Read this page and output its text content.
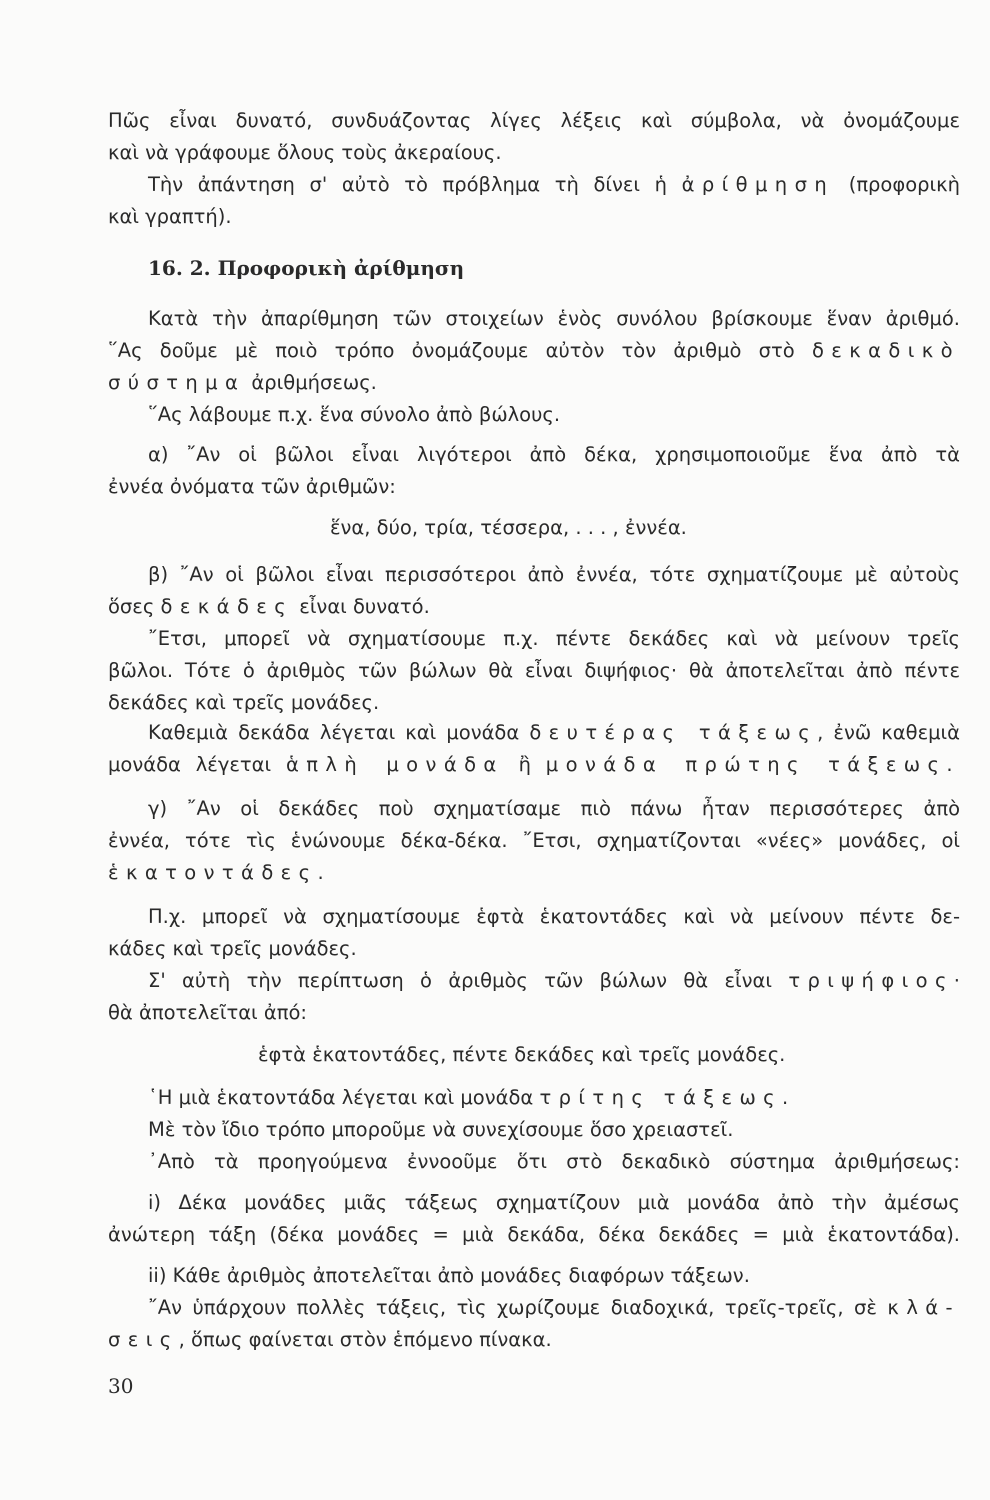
Πῶς εἶναι δυνατό, συνδυάζοντας λίγες λέξεις καὶ σύμβολα, νὰ ὀνομάζουμε

καὶ νὰ γράφουμε ὅλους τοὺς ἀκεραίους.

Τὴν ἀπάντηση σ' αὐτὸ τὸ πρόβλημα τὴ δίνει ἡ ἀρίθμηση (προφορικὴ

καὶ γραπτή).

16. 2. Προφορικὴ ἀρίθμηση

Κατὰ τὴν ἀπαρίθμηση τῶν στοιχείων ἑνὸς συνόλου βρίσκουμε ἕναν ἀριθμό.

῞Ας δοῦμε μὲ ποιὸ τρόπο ὀνομάζουμε αὐτὸν τὸν ἀριθμὸ στὸ δεκαδικὸ

σύστημα ἀριθμήσεως.

῞Ας λάβουμε π.χ. ἕνα σύνολο ἀπὸ βώλους.

α) ῎Αν οἱ βῶλοι εἶναι λιγότεροι ἀπὸ δέκα, χρησιμοποιοῦμε ἕνα ἀπὸ τὰ

ἐννέα ὀνόματα τῶν ἀριθμῶν:

ἕνα, δύο, τρία, τέσσερα, . . . , ἐννέα.

β) ῎Αν οἱ βῶλοι εἶναι περισσότεροι ἀπὸ ἐννέα, τότε σχηματίζουμε μὲ αὐτοὺς

ὅσες δεκάδες εἶναι δυνατό.

῎Ετσι, μπορεῖ νὰ σχηματίσουμε π.χ. πέντε δεκάδες καὶ νὰ μείνουν τρεῖς

βῶλοι. Τότε ὁ ἀριθμὸς τῶν βώλων θὰ εἶναι διψήφιος· θὰ ἀποτελεῖται ἀπὸ πέντε

δεκάδες καὶ τρεῖς μονάδες.

Καθεμιὰ δεκάδα λέγεται καὶ μονάδα δευτέρας τάξεως, ἐνῶ καθεμιὰ

μονάδα λέγεται ἁπλὴ μονάδα ἢ μονάδα πρώτης τάξεως.

γ) ῎Αν οἱ δεκάδες ποὺ σχηματίσαμε πιὸ πάνω ἦταν περισσότερες ἀπὸ

ἐννέα, τότε τὶς ἑνώνουμε δέκα-δέκα. ῎Ετσι, σχηματίζονται «νέες» μονάδες, οἱ

ἑκατοντάδες.

Π.χ. μπορεῖ νὰ σχηματίσουμε ἑφτὰ ἑκατοντάδες καὶ νὰ μείνουν πέντε δε-

κάδες καὶ τρεῖς μονάδες.

Σ' αὐτὴ τὴν περίπτωση ὁ ἀριθμὸς τῶν βώλων θὰ εἶναι τριψήφιος·

θὰ ἀποτελεῖται ἀπό:

ἑφτὰ ἑκατοντάδες, πέντε δεκάδες καὶ τρεῖς μονάδες.

῾Η μιὰ ἑκατοντάδα λέγεται καὶ μονάδα τρίτης τάξεως.

Μὲ τὸν ἴδιο τρόπο μποροῦμε νὰ συνεχίσουμε ὅσο χρειαστεῖ.

᾿Απὸ τὰ προηγούμενα ἐννοοῦμε ὅτι στὸ δεκαδικὸ σύστημα ἀριθμήσεως:

i) Δέκα μονάδες μιᾶς τάξεως σχηματίζουν μιὰ μονάδα ἀπὸ τὴν ἀμέσως

ἀνώτερη τάξη (δέκα μονάδες = μιὰ δεκάδα, δέκα δεκάδες = μιὰ ἑκατοντάδα).

ii) Κάθε ἀριθμὸς ἀποτελεῖται ἀπὸ μονάδες διαφόρων τάξεων.

῎Αν ὑπάρχουν πολλὲς τάξεις, τὶς χωρίζουμε διαδοχικά, τρεῖς-τρεῖς, σὲ κλά-

σεις, ὅπως φαίνεται στὸν ἑπόμενο πίνακα.

30
